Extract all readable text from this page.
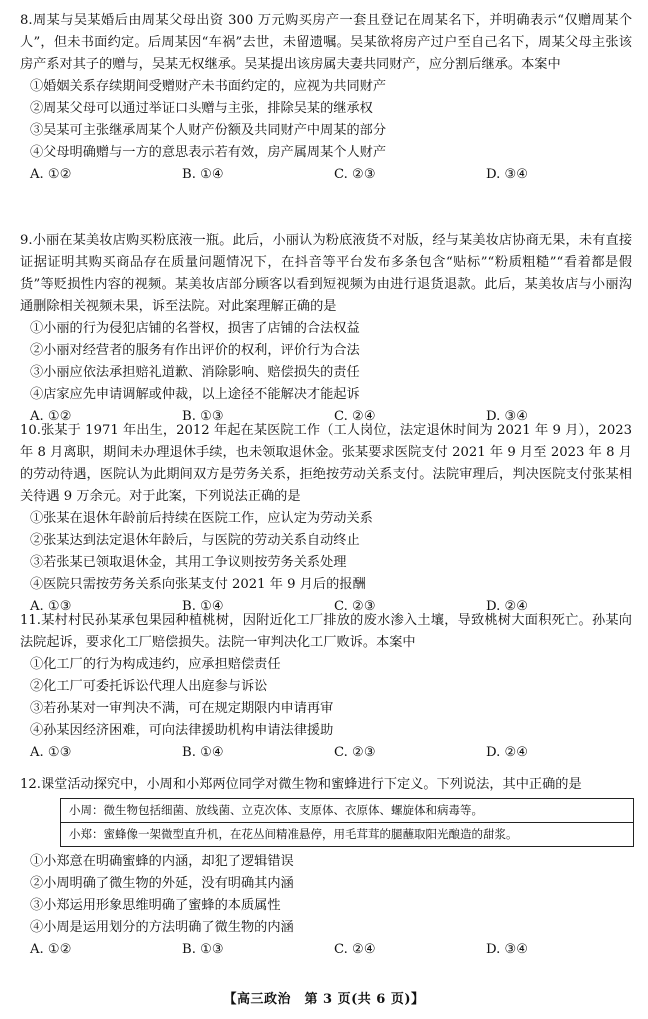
8.周某与吴某婚后由周某父母出资 300 万元购买房产一套且登记在周某名下，并明确表示“仅赠周某个人”，但未书面约定。后周某因“车祸”去世，未留遗嘱。吴某欲将房产过户至自己名下，周某父母主张该房产系对其子的赠与，吴某无权继承。吴某提出该房属夫妻共同财产，应分割后继承。本案中

①婚姻关系存续期间受赠财产未书面约定的，应视为共同财产

②周某父母可以通过举证口头赠与主张，排除吴某的继承权

③吴某可主张继承周某个人财产份额及共同财产中周某的部分

④父母明确赠与一方的意思表示若有效，房产属周某个人财产

A. ①②	B. ①④	C. ②③	D. ③④

9.小丽在某美妆店购买粉底液一瓶。此后，小丽认为粉底液货不对版，经与某美妆店协商无果，未有直接证据证明其购买商品存在质量问题情况下，在抖音等平台发布多条包含“贴标”“粉质粗糙”“看着都是假货”等贬损性内容的视频。某美妆店部分顾客以看到短视频为由进行退货退款。此后，某美妆店与小丽沟通删除相关视频未果，诉至法院。对此案理解正确的是

①小丽的行为侵犯店铺的名誉权，损害了店铺的合法权益

②小丽对经营者的服务有作出评价的权利，评价行为合法

③小丽应依法承担赔礼道歉、消除影响、赔偿损失的责任

④店家应先申请调解或仲裁，以上途径不能解决才能起诉

A. ①②	B. ①③	C. ②④	D. ③④

10.张某于 1971 年出生，2012 年起在某医院工作（工人岗位，法定退休时间为 2021 年 9 月），2023 年 8 月离职，期间未办理退休手续，也未领取退休金。张某要求医院支付 2021 年 9 月至 2023 年 8 月的劳动待遇，医院认为此期间双方是劳务关系，拒绝按劳动关系支付。法院审理后，判决医院支付张某相关待遇 9 万余元。对于此案，下列说法正确的是

①张某在退休年龄前后持续在医院工作，应认定为劳动关系

②张某达到法定退休年龄后，与医院的劳动关系自动终止

③若张某已领取退休金，其用工争议则按劳务关系处理

④医院只需按劳务关系向张某支付 2021 年 9 月后的报酬

A. ①③	B. ①④	C. ②③	D. ②④

11.某村村民孙某承包果园种植桃树，因附近化工厂排放的废水渗入土壤，导致桃树大面积死亡。孙某向法院起诉，要求化工厂赔偿损失。法院一审判决化工厂败诉。本案中

①化工厂的行为构成违约，应承担赔偿责任

②化工厂可委托诉讼代理人出庭参与诉讼

③若孙某对一审判决不满，可在规定期限内申请再审

④孙某因经济困难，可向法律援助机构申请法律援助

A. ①③	B. ①④	C. ②③	D. ②④

12.课堂活动探究中，小周和小郑两位同学对微生物和蜜蜂进行下定义。下列说法，其中正确的是

小周：微生物包括细菌、放线菌、立克次体、支原体、衣原体、螺旋体和病毒等。
小郑：蜜蜂像一架微型直升机，在花丛间精准悬停，用毛茸茸的腿蘸取阳光酿造的甜浆。

①小郑意在明确蜜蜂的内涵，却犯了逻辑错误

②小周明确了微生物的外延，没有明确其内涵

③小郑运用形象思维明确了蜜蜂的本质属性

④小周是运用划分的方法明确了微生物的内涵

A. ①②	B. ①③	C. ②④	D. ③④
【高三政治　第 3 页(共 6 页)】
